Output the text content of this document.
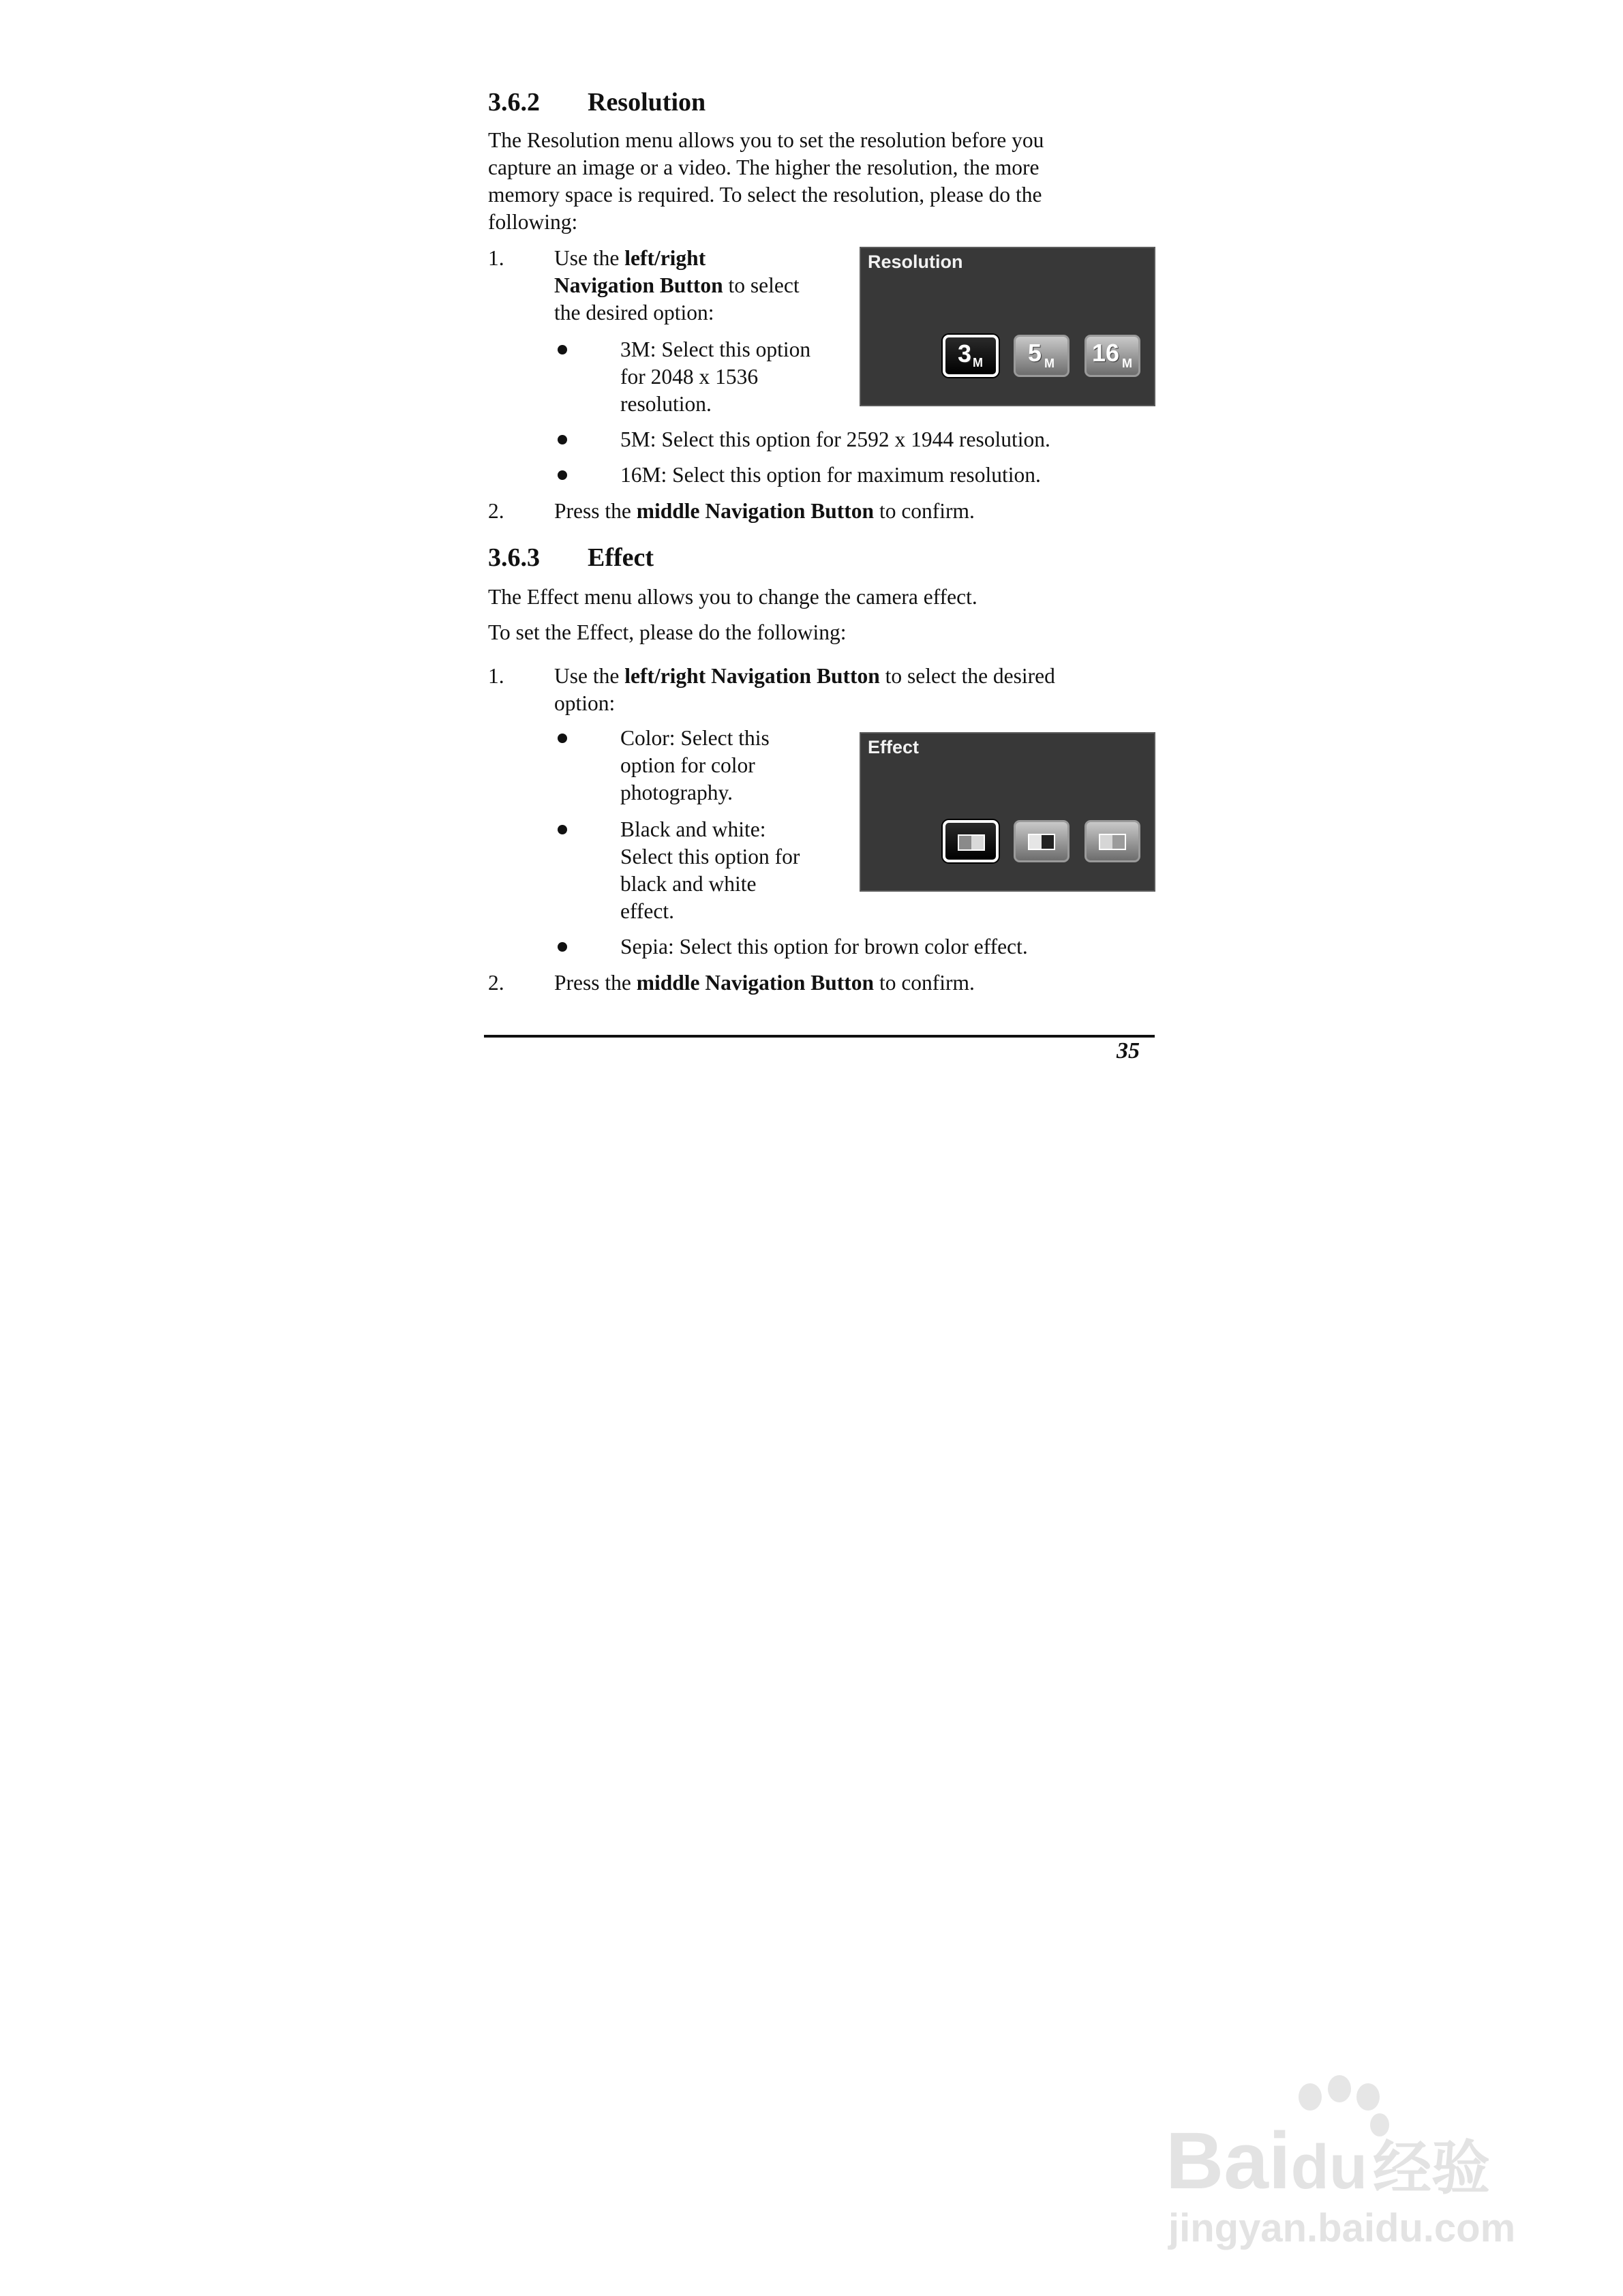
3.6.2 Resolution
The Resolution menu allows you to set the resolution before you
capture an image or a video. The higher the resolution, the more
memory space is required. To select the resolution, please do the
following:
1. Use the left/right
Navigation Button to select
the desired option:
3M: Select this option
for 2048 x 1536
resolution.
Resolution
3 M 5 M 16 M
5M: Select this option for 2592 x 1944 resolution.
16M: Select this option for maximum resolution.
2. Press the middle Navigation Button to confirm.
3.6.3 Effect
The Effect menu allows you to change the camera effect.
To set the Effect, please do the following:
1. Use the left/right Navigation Button to select the desired
option:
Color: Select this
option for color
photography.
Black and white:
Select this option for
black and white
effect.
Effect
Sepia: Select this option for brown color effect.
2. Press the middle Navigation Button to confirm.
35
Baidu经验
jingyan.baidu.com
